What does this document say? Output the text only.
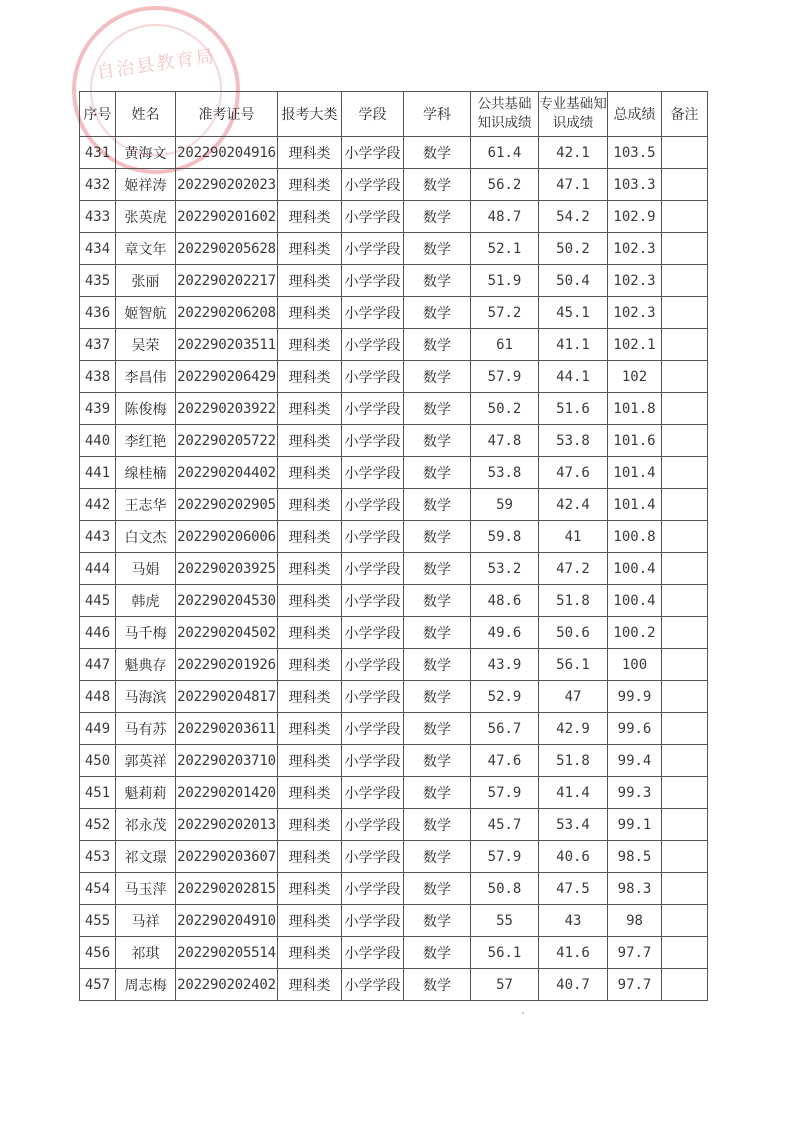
自治县教育局
序号	姓名	准考证号	报考大类	学段	学科	公共基础知识成绩	专业基础知识成绩	总成绩	备注
431	黄海文	202290204916	理科类	小学学段	数学	61.4	42.1	103.5	
432	姬祥涛	202290202023	理科类	小学学段	数学	56.2	47.1	103.3	
433	张英虎	202290201602	理科类	小学学段	数学	48.7	54.2	102.9	
434	章文年	202290205628	理科类	小学学段	数学	52.1	50.2	102.3	
435	张丽	202290202217	理科类	小学学段	数学	51.9	50.4	102.3	
436	姬智航	202290206208	理科类	小学学段	数学	57.2	45.1	102.3	
437	吴荣	202290203511	理科类	小学学段	数学	61	41.1	102.1	
438	李昌伟	202290206429	理科类	小学学段	数学	57.9	44.1	102	
439	陈俊梅	202290203922	理科类	小学学段	数学	50.2	51.6	101.8	
440	李红艳	202290205722	理科类	小学学段	数学	47.8	53.8	101.6	
441	缐桂楠	202290204402	理科类	小学学段	数学	53.8	47.6	101.4	
442	王志华	202290202905	理科类	小学学段	数学	59	42.4	101.4	
443	白文杰	202290206006	理科类	小学学段	数学	59.8	41	100.8	
444	马娟	202290203925	理科类	小学学段	数学	53.2	47.2	100.4	
445	韩虎	202290204530	理科类	小学学段	数学	48.6	51.8	100.4	
446	马千梅	202290204502	理科类	小学学段	数学	49.6	50.6	100.2	
447	魁典存	202290201926	理科类	小学学段	数学	43.9	56.1	100	
448	马海滨	202290204817	理科类	小学学段	数学	52.9	47	99.9	
449	马有苏	202290203611	理科类	小学学段	数学	56.7	42.9	99.6	
450	郭英祥	202290203710	理科类	小学学段	数学	47.6	51.8	99.4	
451	魁莉莉	202290201420	理科类	小学学段	数学	57.9	41.4	99.3	
452	祁永茂	202290202013	理科类	小学学段	数学	45.7	53.4	99.1	
453	祁文璟	202290203607	理科类	小学学段	数学	57.9	40.6	98.5	
454	马玉萍	202290202815	理科类	小学学段	数学	50.8	47.5	98.3	
455	马祥	202290204910	理科类	小学学段	数学	55	43	98	
456	祁琪	202290205514	理科类	小学学段	数学	56.1	41.6	97.7	
457	周志梅	202290202402	理科类	小学学段	数学	57	40.7	97.7	
